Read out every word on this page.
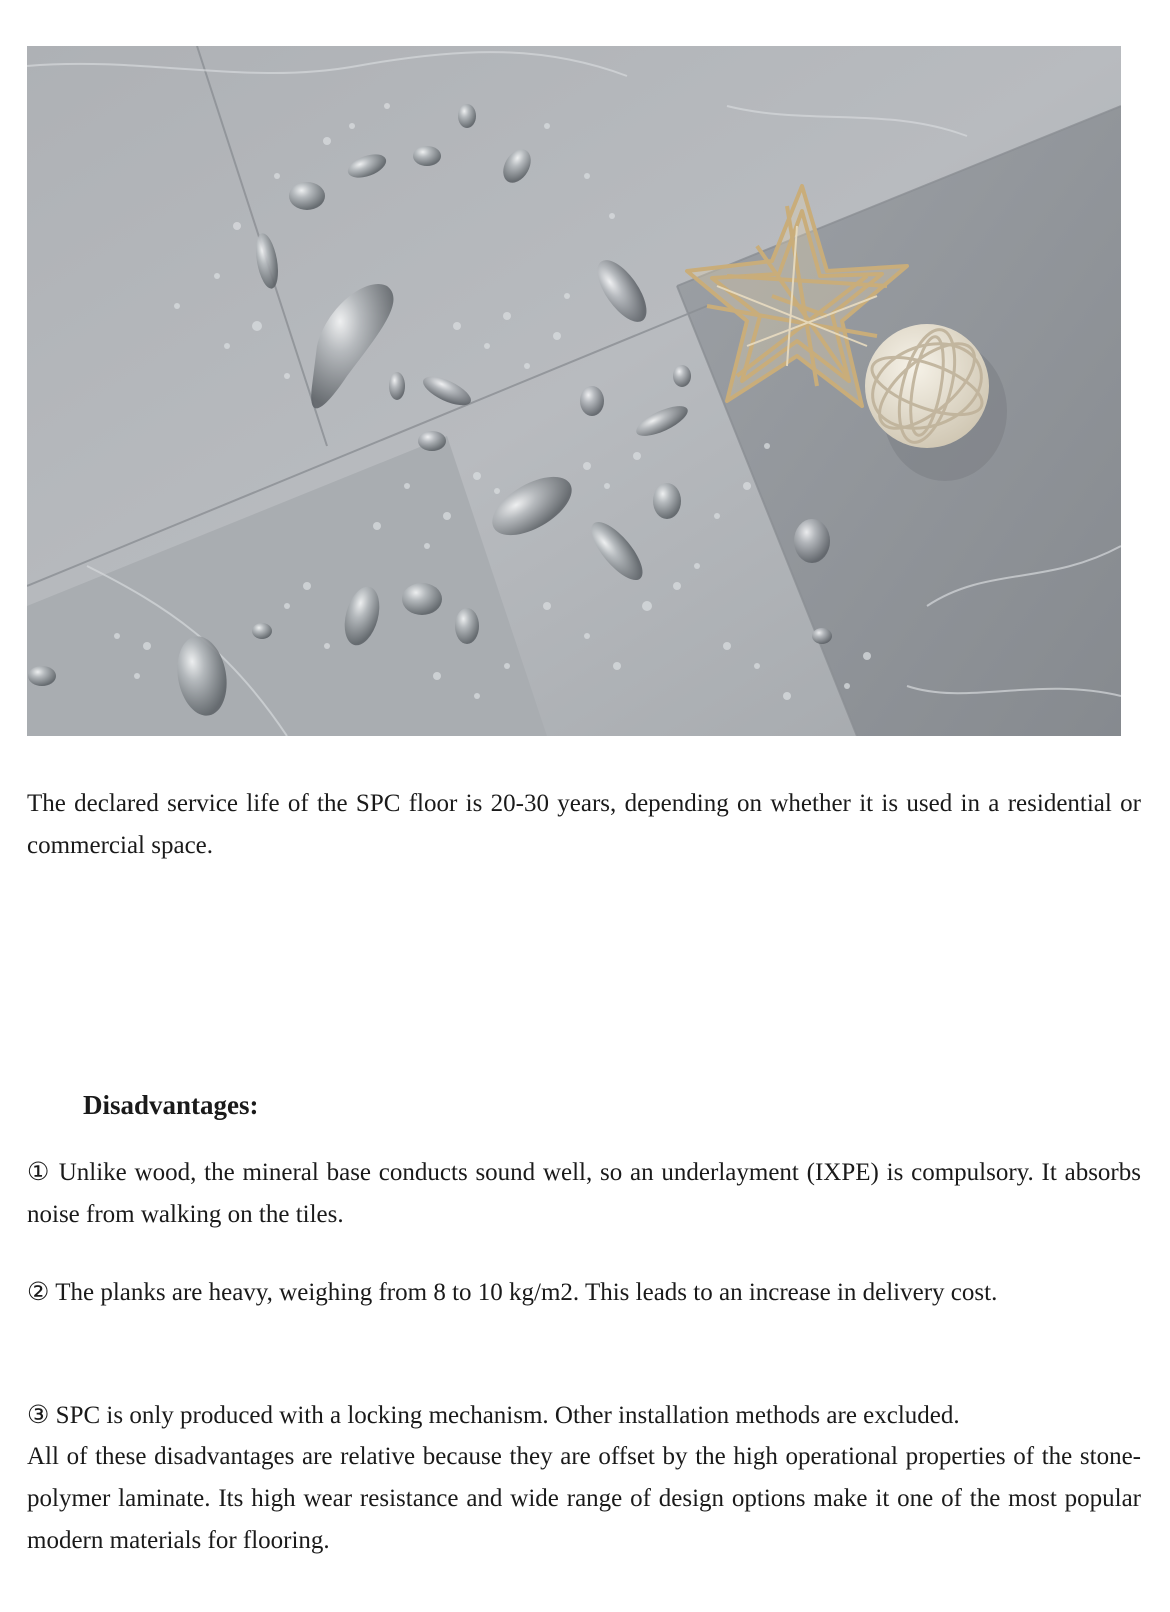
The declared service life of the SPC floor is 20-30 years, depending on whether it is used in a residential or commercial space.

Disadvantages:

① Unlike wood, the mineral base conducts sound well, so an underlayment (IXPE) is compulsory. It absorbs noise from walking on the tiles.

② The planks are heavy, weighing from 8 to 10 kg/m2. This leads to an increase in delivery cost.

③ SPC is only produced with a locking mechanism. Other installation methods are excluded.

All of these disadvantages are relative because they are offset by the high operational properties of the stone-polymer laminate. Its high wear resistance and wide range of design options make it one of the most popular modern materials for flooring.
